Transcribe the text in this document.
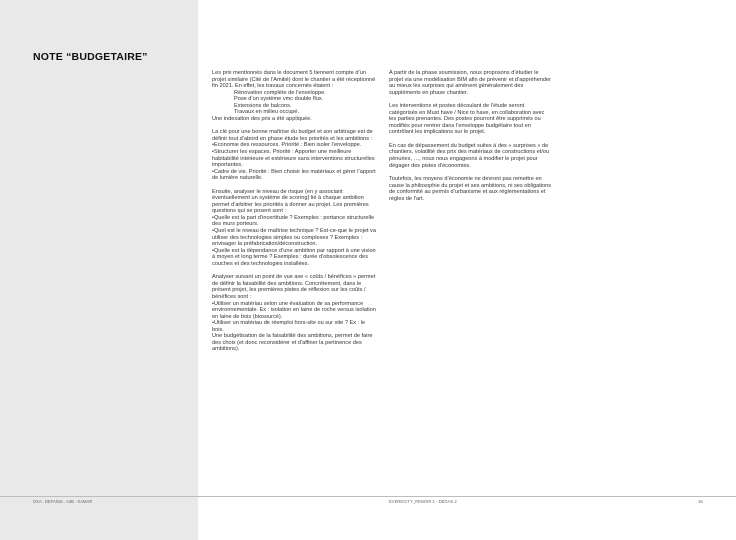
NOTE “BUDGETAIRE”

Les prix mentionnés dans le document 5 tiennent compte d’un projet similaire (Cité de l’Amitié) dont le chantier a été réceptionné fin 2021. En effet, les travaux concernés étaient :
Rénovation complète de l’enveloppe.
Pose d’un système vmc double flux.
Extensions de balcons.
Travaux en milieu occupé.
Une indexation des prix a été appliquée.

La clé pour une bonne maîtrise du budget et son arbitrage est de définir tout d’abord en phase étude les priorités et les ambitions :
•Economie des ressources. Priorité : Bien isoler l’enveloppe.
•Structurer les espaces. Priorité : Apporter une meilleure habitabilité intérieure et extérieure sans interventions structurelles importantes.
•Cadre de vie. Priorité : Bien choisir les matériaux et gérer l’apport de lumière naturelle.

Ensuite, analyser le niveau de risque (en y associant éventuellement un système de scoring) lié à chaque ambition permet d’arbitrer les priorités à donner au projet. Les premières questions qui se posent sont :
•Quelle est la part d’incertitude ? Exemples : portance structurelle des murs porteurs.
•Quel est le niveau de maîtrise technique ? Est-ce-que le projet va utiliser des technologies simples ou complexes ? Exemples : envisager la préfabrication/déconstruction.
•Quelle est la dépendance d’une ambition par rapport à une vision à moyen et long terme ? Exemples : durée d’obsolescence des couches et des technologies installées.

Analyser suivant un point de vue axe « coûts / bénéfices » permet de définir la faisabilité des ambitions. Concrètement, dans le présent projet, les premières pistes de réflexion sur les coûts / bénéfices sont :
•Utiliser un matériau selon une évaluation de sa performance environnementale. Ex : isolation en laine de roche versus isolation en laine de bois (biosourcé).
•Utiliser un matériau de réemploi hors-site ou sur site ? Ex : le bois.
Une budgétisation de la faisabilité des ambitions, permet de faire des choix (et donc reconsidérer et d’affiner la pertinence des ambitions).

A partir de la phase soumission, nous proposons d’étudier le projet via une modélisation BIM afin de prévenir et d’appréhender au mieux les surprises qui amènent généralement des suppléments en phase chantier.

Les interventions et postes découlant de l’étude seront catégorisés en Must have / Nice to have, en collaboration avec les parties prenantes. Des postes pourront être supprimés ou modifiés pour rentrer dans l’enveloppe budgétaire tout en contrôlant les implications sur le projet.

En cas de dépassement du budget suites à des « surprises » de chantiers, volatilité des prix des matériaux de constructions et/ou pénuries, …, nous nous engageons à modifier le projet pour dégager des pistes d’économies.

Toutefois, les moyens d’économie ne devront pas remettre en cause la philosophie du projet et ses ambitions, ni ses obligations de conformité au permis d’urbanisme et aux réglementations et règles de l’art.

DXA . DEFAINS . A2B . KAMAR	EVERECITY_RENOIR 1 - DEGAS 2	15
